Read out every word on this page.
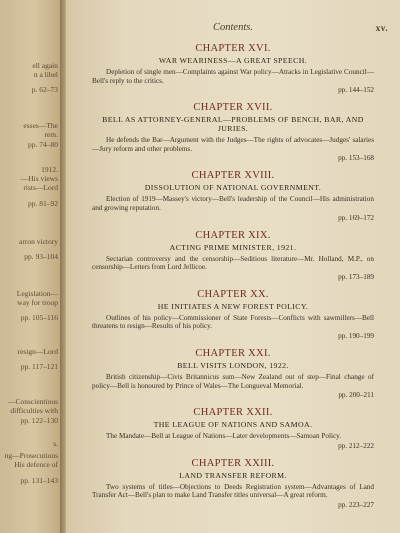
ell again
n a libel
p. 62–73
esses—The
rem.
pp. 74–80
1912.
—His views
rists—Lord
pp. 81–92
arron victory
pp. 93–104
Legislation—
way for troop
pp. 105–116
resign—Lord
pp. 117–121
—Conscientious
difficulties with
pp. 122–130
s.
ng—Prosecutions
His defence of
pp. 131–143
Contents.	xv.
CHAPTER XVI.
WAR WEARINESS—A GREAT SPEECH.
Depletion of single men—Complaints against War policy—Attacks in Legislative Council—Bell's reply to the critics.
pp. 144–152
CHAPTER XVII.
BELL AS ATTORNEY-GENERAL—PROBLEMS OF BENCH, BAR, AND JURIES.
He defends the Bar—Argument with the Judges—The rights of advocates—Judges' salaries—Jury reform and other problems.
pp. 153–168
CHAPTER XVIII.
DISSOLUTION OF NATIONAL GOVERNMENT.
Election of 1919—Massey's victory—Bell's leadership of the Council—His administration and growing reputation.
pp. 169–172
CHAPTER XIX.
ACTING PRIME MINISTER, 1921.
Sectarian controversy and the censorship—Seditious literature—Mr. Holland, M.P., on censorship—Letters from Lord Jellicoe.
pp. 173–189
CHAPTER XX.
HE INITIATES A NEW FOREST POLICY.
Outlines of his policy—Commissioner of State Forests—Conflicts with sawmillers—Bell threatens to resign—Results of his policy.
pp. 190–199
CHAPTER XXI.
BELL VISITS LONDON, 1922.
British citizenship—Civis Britannicus sum—New Zealand out of step—Final change of policy—Bell is honoured by Prince of Wales—The Longueval Memorial.
pp. 200–211
CHAPTER XXII.
THE LEAGUE OF NATIONS AND SAMOA.
The Mandate—Bell at League of Nations—Later developments—Samoan Policy.
pp. 212–222
CHAPTER XXIII.
LAND TRANSFER REFORM.
Two systems of titles—Objections to Deeds Registration system—Advantages of Land Transfer Act—Bell's plan to make Land Transfer titles universal—A great reform.
pp. 223–227
